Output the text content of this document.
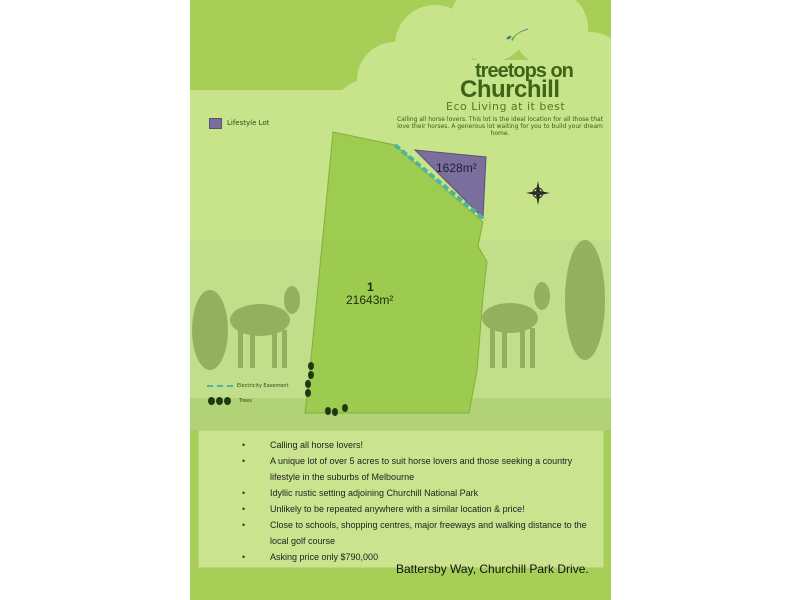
treetops on
Churchill
Eco Living at it best
Calling all horse lovers. This lot is the ideal location for all those that love their horses. A generous lot waiting for you to build your dream home.
Lifestyle Lot
1628m²
1
21643m²
Electricity Easement
Trees
• Calling all horse lovers!
• A unique lot of over 5 acres to suit horse lovers and those seeking a country lifestyle in the suburbs of Melbourne
• Idyllic rustic setting adjoining Churchill National Park
• Unlikely to be repeated anywhere with a similar location & price!
• Close to schools, shopping centres, major freeways and walking distance to the local golf course
• Asking price only $790,000
Battersby Way, Churchill Park Drive.
